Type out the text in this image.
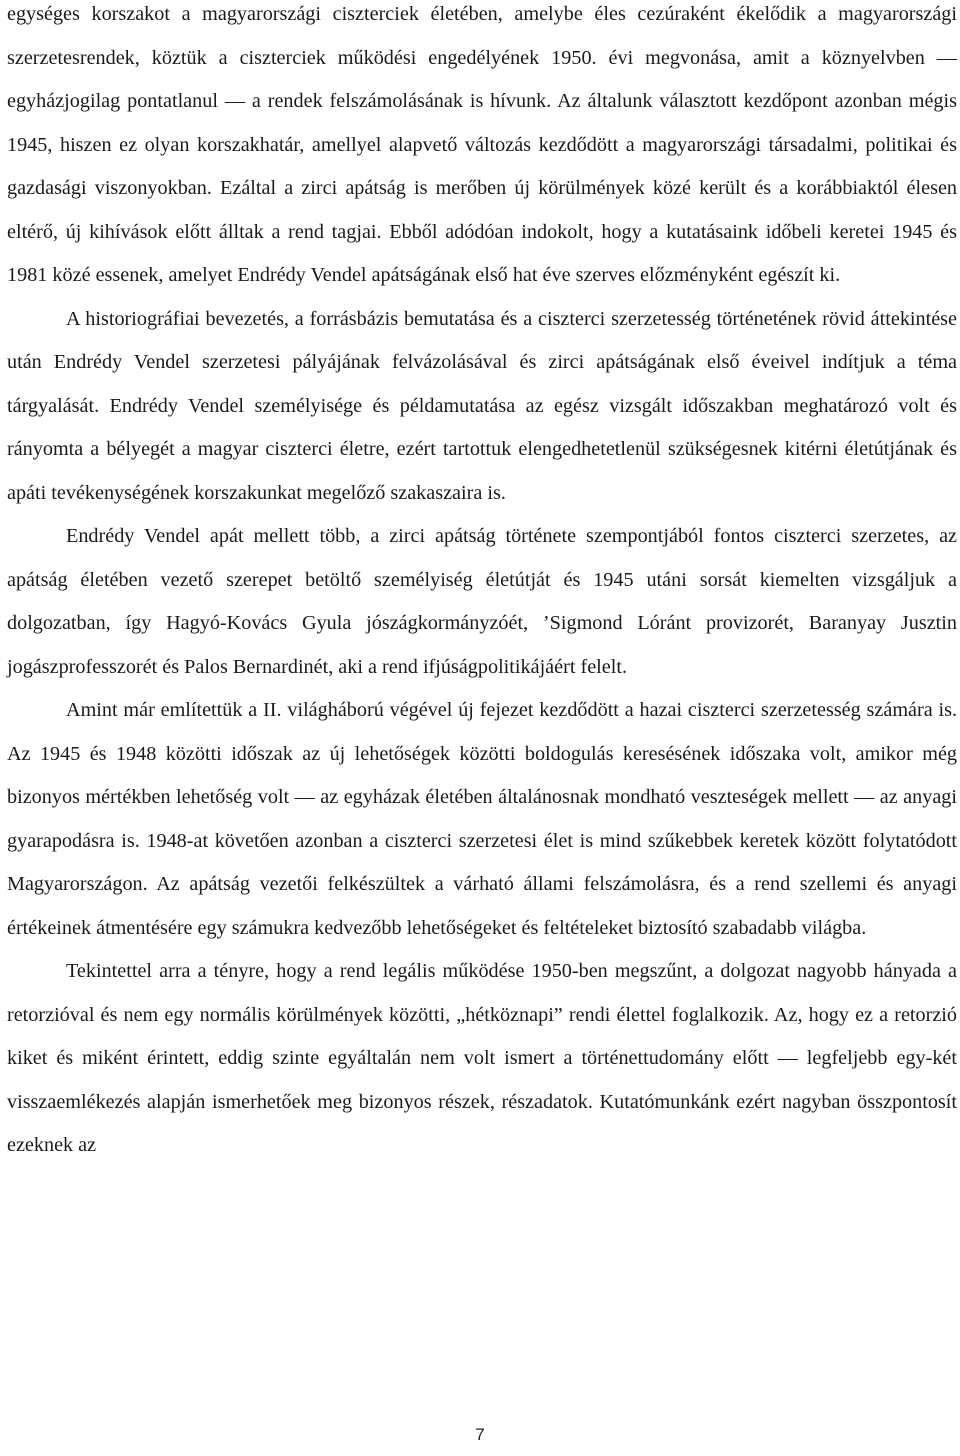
egységes korszakot a magyarországi ciszterciek életében, amelybe éles cezúraként ékelődik a magyarországi szerzetesrendek, köztük a ciszterciek működési engedélyének 1950. évi megvonása, amit a köznyelvben ― egyházjogilag pontatlanul ― a rendek felszámolásának is hívunk. Az általunk választott kezdőpont azonban mégis 1945, hiszen ez olyan korszakhatár, amellyel alapvető változás kezdődött a magyarországi társadalmi, politikai és gazdasági viszonyokban. Ezáltal a zirci apátság is merőben új körülmények közé került és a korábbiaktól élesen eltérő, új kihívások előtt álltak a rend tagjai. Ebből adódóan indokolt, hogy a kutatásaink időbeli keretei 1945 és 1981 közé essenek, amelyet Endrédy Vendel apátságának első hat éve szerves előzményként egészít ki.

A historiográfiai bevezetés, a forrásbázis bemutatása és a ciszterci szerzetesség történetének rövid áttekintése után Endrédy Vendel szerzetesi pályájának felvázolásával és zirci apátságának első éveivel indítjuk a téma tárgyalását. Endrédy Vendel személyisége és példamutatása az egész vizsgált időszakban meghatározó volt és rányomta a bélyegét a magyar ciszterci életre, ezért tartottuk elengedhetetlenül szükségesnek kitérni életútjának és apáti tevékenységének korszakunkat megelőző szakaszaira is.

Endrédy Vendel apát mellett több, a zirci apátság története szempontjából fontos ciszterci szerzetes, az apátság életében vezető szerepet betöltő személyiség életútját és 1945 utáni sorsát kiemelten vizsgáljuk a dolgozatban, így Hagyó-Kovács Gyula jószágkormányzóét, ’Sigmond Lóránt provizorét, Baranyay Jusztin jogászprofesszorét és Palos Bernardinét, aki a rend ifjúságpolitikájáért felelt.

Amint már említettük a II. világháború végével új fejezet kezdődött a hazai ciszterci szerzetesség számára is. Az 1945 és 1948 közötti időszak az új lehetőségek közötti boldogulás keresésének időszaka volt, amikor még bizonyos mértékben lehetőség volt ― az egyházak életében általánosnak mondható veszteségek mellett ― az anyagi gyarapodásra is. 1948-at követően azonban a ciszterci szerzetesi élet is mind szűkebbek keretek között folytatódott Magyarországon. Az apátság vezetői felkészültek a várható állami felszámolásra, és a rend szellemi és anyagi értékeinek átmentésére egy számukra kedvezőbb lehetőségeket és feltételeket biztosító szabadabb világba.

Tekintettel arra a tényre, hogy a rend legális működése 1950-ben megszűnt, a dolgozat nagyobb hányada a retorzióval és nem egy normális körülmények közötti, „hétköznapi” rendi élettel foglalkozik. Az, hogy ez a retorzió kiket és miként érintett, eddig szinte egyáltalán nem volt ismert a történettudomány előtt ― legfeljebb egy-két visszaemlékezés alapján ismerhetőek meg bizonyos részek, részadatok. Kutatómunkánk ezért nagyban összpontosít ezeknek az

7
